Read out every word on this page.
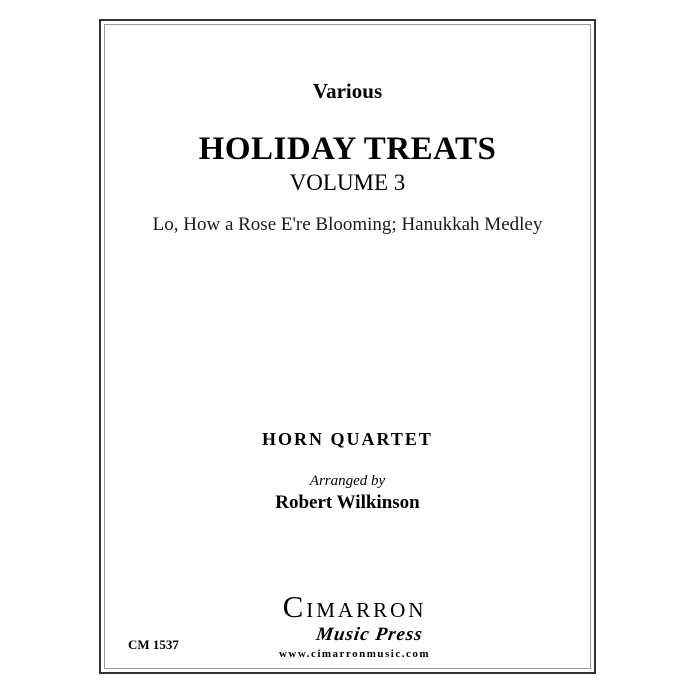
Various
HOLIDAY TREATS
VOLUME 3
Lo, How a Rose E're Blooming; Hanukkah Medley
HORN QUARTET
Arranged by
Robert Wilkinson
CIMARRON
Music Press
www.cimarronmusic.com
CM 1537
